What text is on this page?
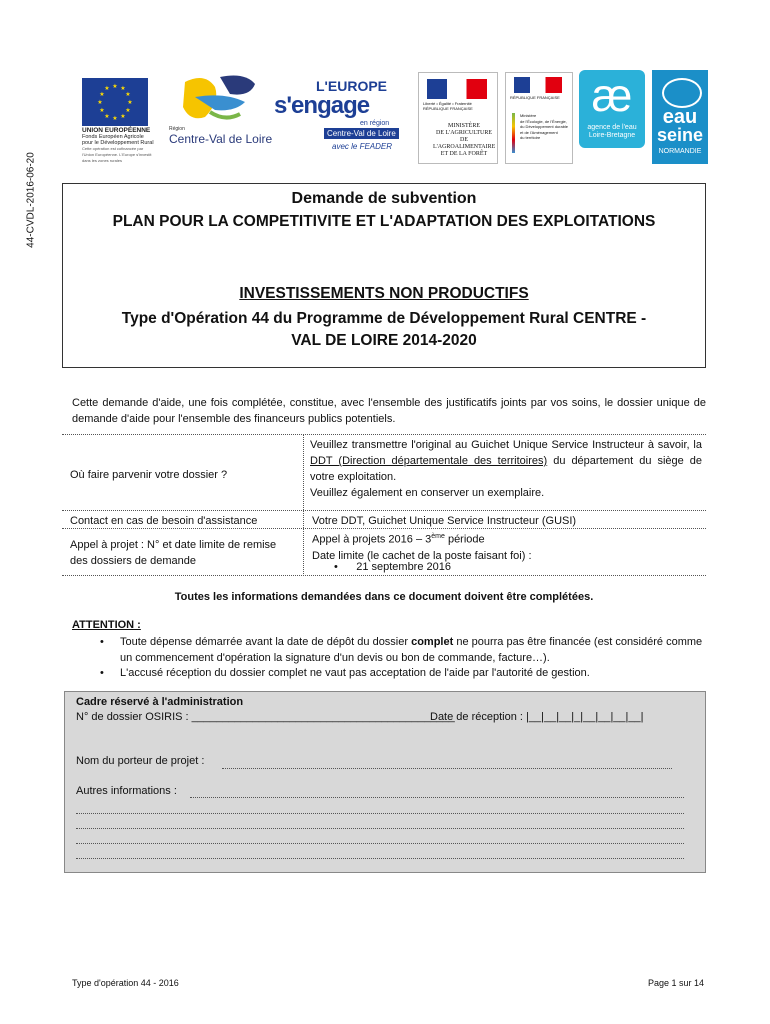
44-CVDL-2016-06-20
★ ★
★
★
★
★
★
★
★
★
★
★
UNION EUROPÉENNE
Fonds Européen Agricole
pour le Développement Rural
Cette opération est cofinancée par l'Union Européenne. L'Europe s'investit dans les zones rurales
Région
Centre-Val de Loire
L'EUROPE
s'engage
en région
Centre-Val de Loire
avec le FEADER
Liberté • Égalité • Fraternité
RÉPUBLIQUE FRANÇAISE
MINISTÈRE
DE L'AGRICULTURE
DE L'AGROALIMENTAIRE
ET DE LA FORÊT
RÉPUBLIQUE FRANÇAISE
Ministère
de l'Écologie, de l'Énergie,
du Développement durable
et de l'Aménagement
du territoire
æ
agence de l'eau
Loire-Bretagne
eau
seine
NORMANDIE
Demande de subvention
PLAN POUR LA COMPETITIVITE ET L'ADAPTATION DES EXPLOITATIONS
INVESTISSEMENTS NON PRODUCTIFS
Type d'Opération 44 du Programme de Développement Rural CENTRE -
VAL DE LOIRE 2014-2020
Cette demande d'aide, une fois complétée, constitue, avec l'ensemble des justificatifs joints par vos soins, le dossier unique de demande d'aide pour l'ensemble des financeurs publics potentiels.
Où faire parvenir votre dossier ?
Veuillez transmettre l'original au Guichet Unique Service Instructeur à savoir, la DDT (Direction départementale des territoires) du département du siège de votre exploitation.
Veuillez également en conserver un exemplaire.
Contact en cas de besoin d'assistance	Votre DDT, Guichet Unique Service Instructeur (GUSI)
Appel à projet : N° et date limite de remise des dossiers de demande
Appel à projets 2016 – 3ème période
Date limite (le cachet de la poste faisant foi) :
•      21 septembre 2016
Toutes les informations demandées dans ce document doivent être complétées.
ATTENTION :
• Toute dépense démarrée avant la date de dépôt du dossier complet ne pourra pas être financée (est considéré comme un commencement d'opération la signature d'un devis ou bon de commande, facture…).
• L'accusé réception du dossier complet ne vaut pas acceptation de l'aide par l'autorité de gestion.
Cadre réservé à l'administration
N° de dossier OSIRIS : ___________________________________________
Date de réception : |__|__|__|_|__|__|__|__|
Nom du porteur de projet :
Autres informations :
Type d'opération 44 - 2016	Page 1 sur 14
